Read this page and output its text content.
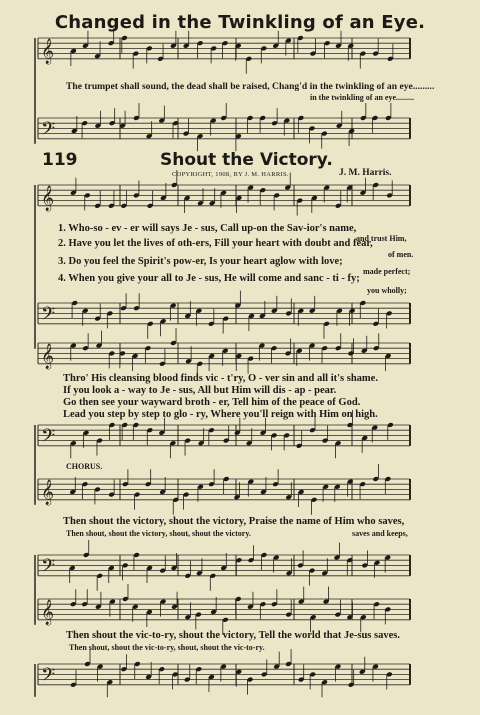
𝄞
𝄢
𝄞
𝄢
𝄞
𝄢
𝄞
𝄢
𝄞
𝄢
Changed in the Twinkling of an Eye.
The trumpet shall sound, the dead shall be raised, Chang'd in the twinkling of an eye.........
in the twinkling of an eye.........
119	Shout the Victory.
COPYRIGHT, 1908, BY J. M. HARRIS.	J. M. Harris.
1. Who-so - ev - er will says Je - sus, Call up-on the Sav-ior's name,
and trust Him,
2. Have you let the lives of oth-ers, Fill your heart with doubt and fear,
of men.
3. Do you feel the Spirit's pow-er, Is your heart aglow with love;
made perfect;
4. When you give your all to Je - sus, He will come and sanc - ti - fy;
you wholly;
Thro' His cleansing blood finds vic - t'ry, O - ver sin and all it's shame.
If you look a - way to Je - sus, All but Him will dis - ap - pear.
Go then see your wayward broth - er, Tell him of the peace of God.
Lead you step by step to glo - ry, Where you'll reign with Him on high.
CHORUS.
Then shout the victory, shout the victory, Praise the name of Him who saves,
Then shout, shout the victory, shout, shout the victory.	saves and keeps,
Then shout the vic-to-ry, shout the victory, Tell the world that Je-sus saves.
Then shout, shout the vic-to-ry, shout, shout the vic-to-ry.
